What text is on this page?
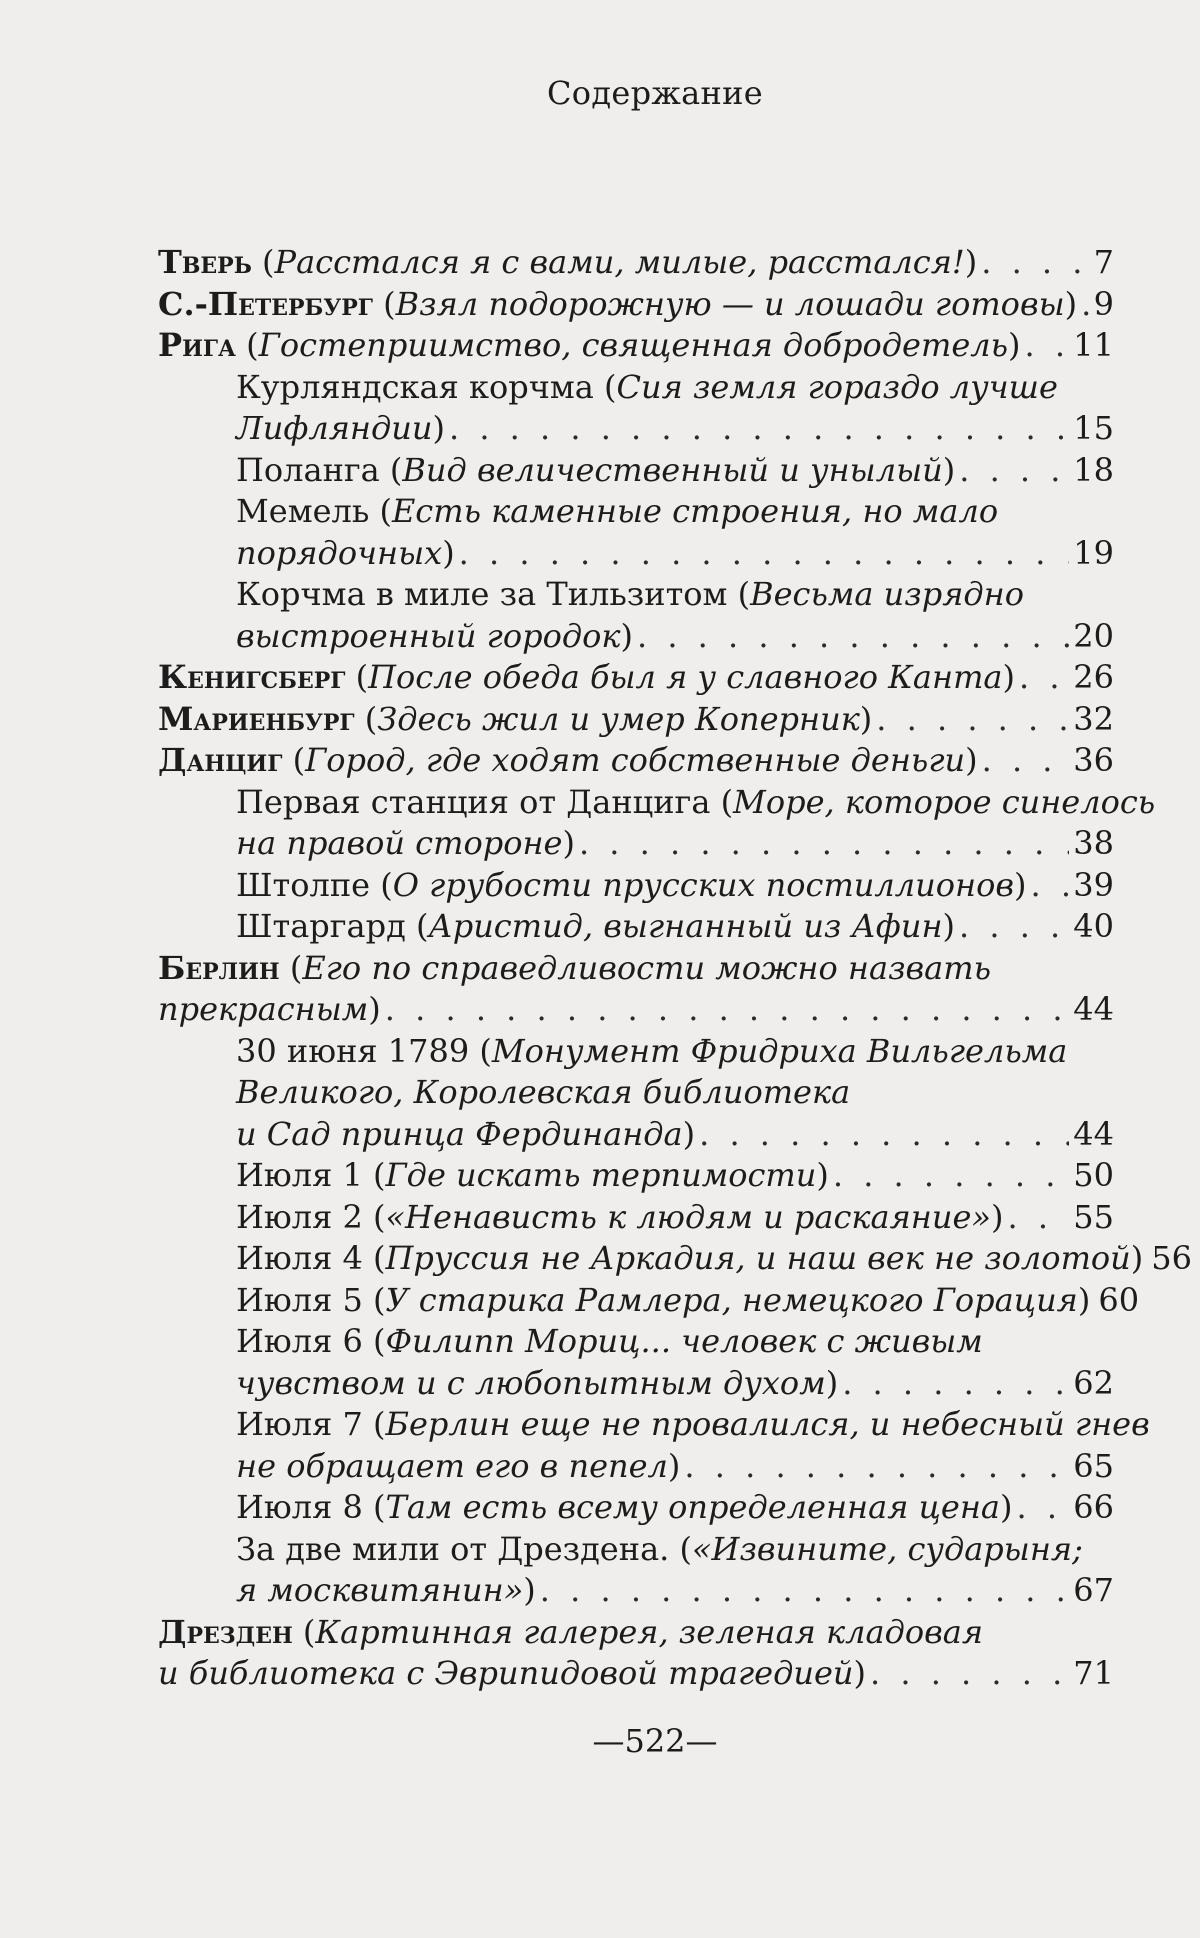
Содержание
Тверь (Расстался я с вами, милые, расстался!) . . .	7
С.-Петербург (Взял подорожную — и лошади готовы) . . . 9
Рига (Гостеприимство, священная добродетель) . . . 11
Курляндская корчма (Сия земля гораздо лучше
Лифляндии) . . .	15
Поланга (Вид величественный и унылый) . . .	18
Мемель (Есть каменные строения, но мало
порядочных) . . .	19
Корчма в миле за Тильзитом (Весьма изрядно
выстроенный городок) . . .	20
Кенигсберг (После обеда был я у славного Канта) . . . 26
Мариенбург (Здесь жил и умер Коперник) . . .	32
Данциг (Город, где ходят собственные деньги) . . .	36
Первая станция от Данцига (Море, которое синелось
на правой стороне) . . .	38
Штолпе (О грубости прусских постиллионов) . . . 39
Штаргард (Аристид, выгнанный из Афин) . . .	40
Берлин (Его по справедливости можно назвать
прекрасным) . . .	44
30 июня 1789 (Монумент Фридриха Вильгельма
Великого, Королевская библиотека
и Сад принца Фердинанда) . . .	44
Июля 1 (Где искать терпимости) . . .	50
Июля 2 («Ненависть к людям и раскаяние») . . . 55
Июля 4 (Пруссия не Аркадия, и наш век не золотой) 56
Июля 5 (У старика Рамлера, немецкого Горация) 60
Июля 6 (Филипп Мориц... человек с живым
чувством и с любопытным духом) . . .	62
Июля 7 (Берлин еще не провалился, и небесный гнев
не обращает его в пепел) . . .	65
Июля 8 (Там есть всему определенная цена) . . . 66
За две мили от Дрездена. («Извините, сударыня;
я москвитянин») . . .	67
Дрезден (Картинная галерея, зеленая кладовая
и библиотека с Эврипидовой трагедией) . . .	71
—522—
